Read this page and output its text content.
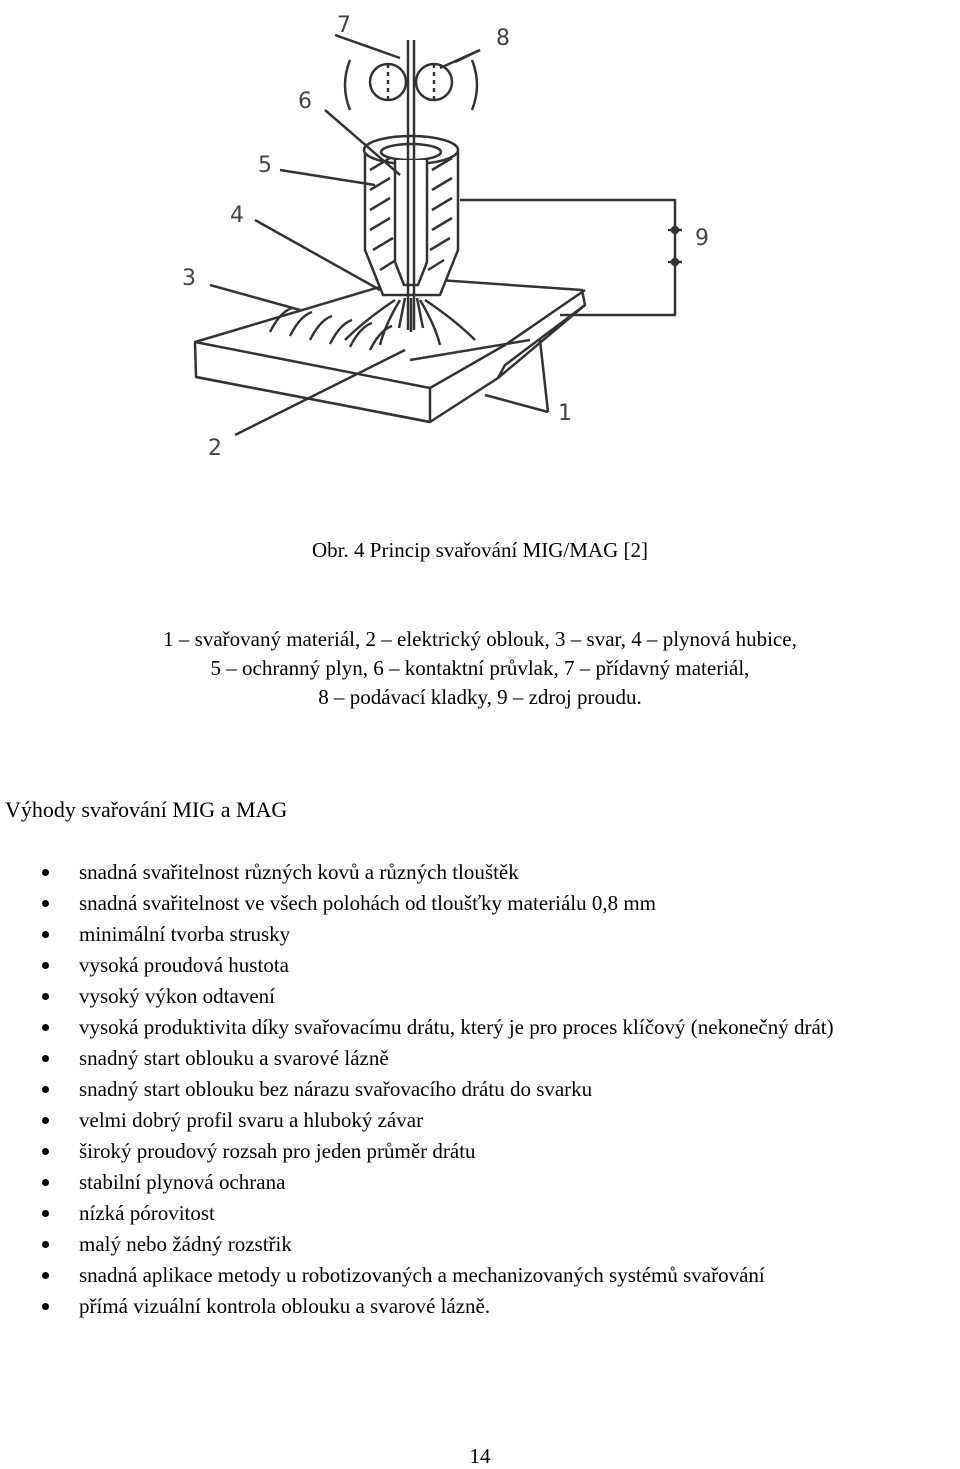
7
8
6
5
4
3
2
1
9
Obr. 4 Princip svařování MIG/MAG [2]
1 – svařovaný materiál, 2 – elektrický oblouk, 3 – svar, 4 – plynová hubice,
5 – ochranný plyn, 6 – kontaktní průvlak, 7 – přídavný materiál,
8 – podávací kladky, 9 – zdroj proudu.
Výhody svařování MIG a MAG
snadná svařitelnost různých kovů a různých tlouštěk
snadná svařitelnost ve všech polohách od tloušťky materiálu 0,8 mm
minimální tvorba strusky
vysoká proudová hustota
vysoký výkon odtavení
vysoká produktivita díky svařovacímu drátu, který je pro proces klíčový (nekonečný drát)
snadný start oblouku a svarové lázně
snadný start oblouku bez nárazu svařovacího drátu do svarku
velmi dobrý profil svaru a hluboký závar
široký proudový rozsah pro jeden průměr drátu
stabilní plynová ochrana
nízká pórovitost
malý nebo žádný rozstřik
snadná aplikace metody u robotizovaných a mechanizovaných systémů svařování
přímá vizuální kontrola oblouku a svarové lázně.
14
